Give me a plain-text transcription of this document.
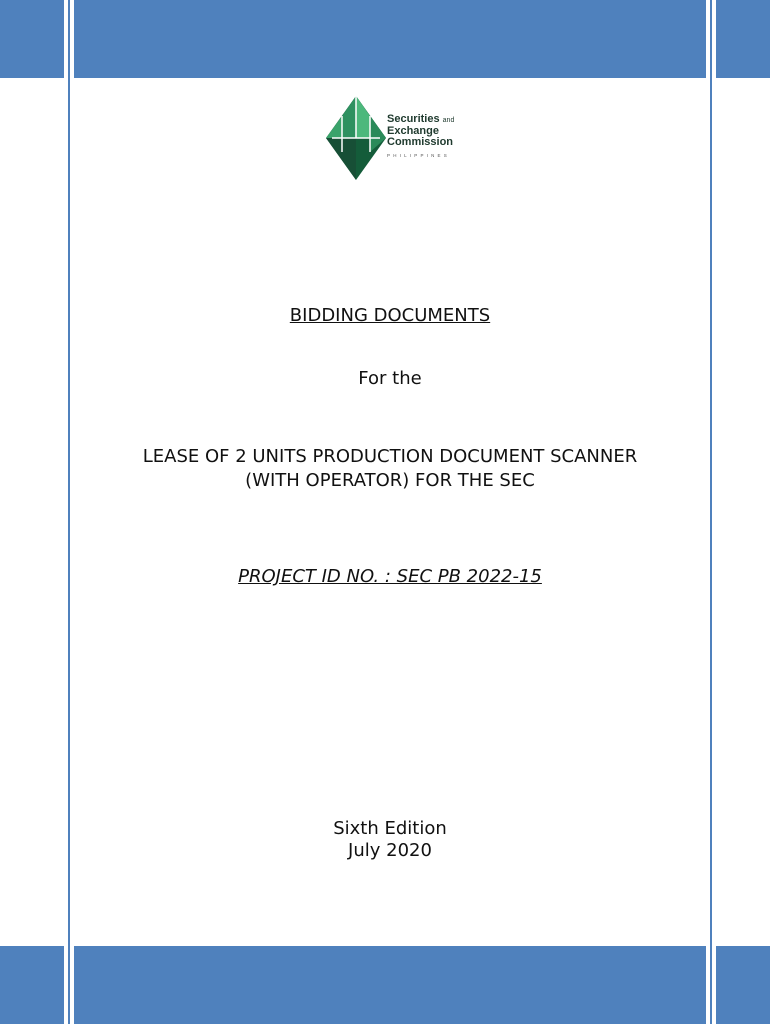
Securities and
Exchange
Commission
PHILIPPINES
BIDDING DOCUMENTS
For the
LEASE OF 2 UNITS PRODUCTION DOCUMENT SCANNER
(WITH OPERATOR) FOR THE SEC
PROJECT ID NO. : SEC PB 2022-15
Sixth Edition
July 2020
